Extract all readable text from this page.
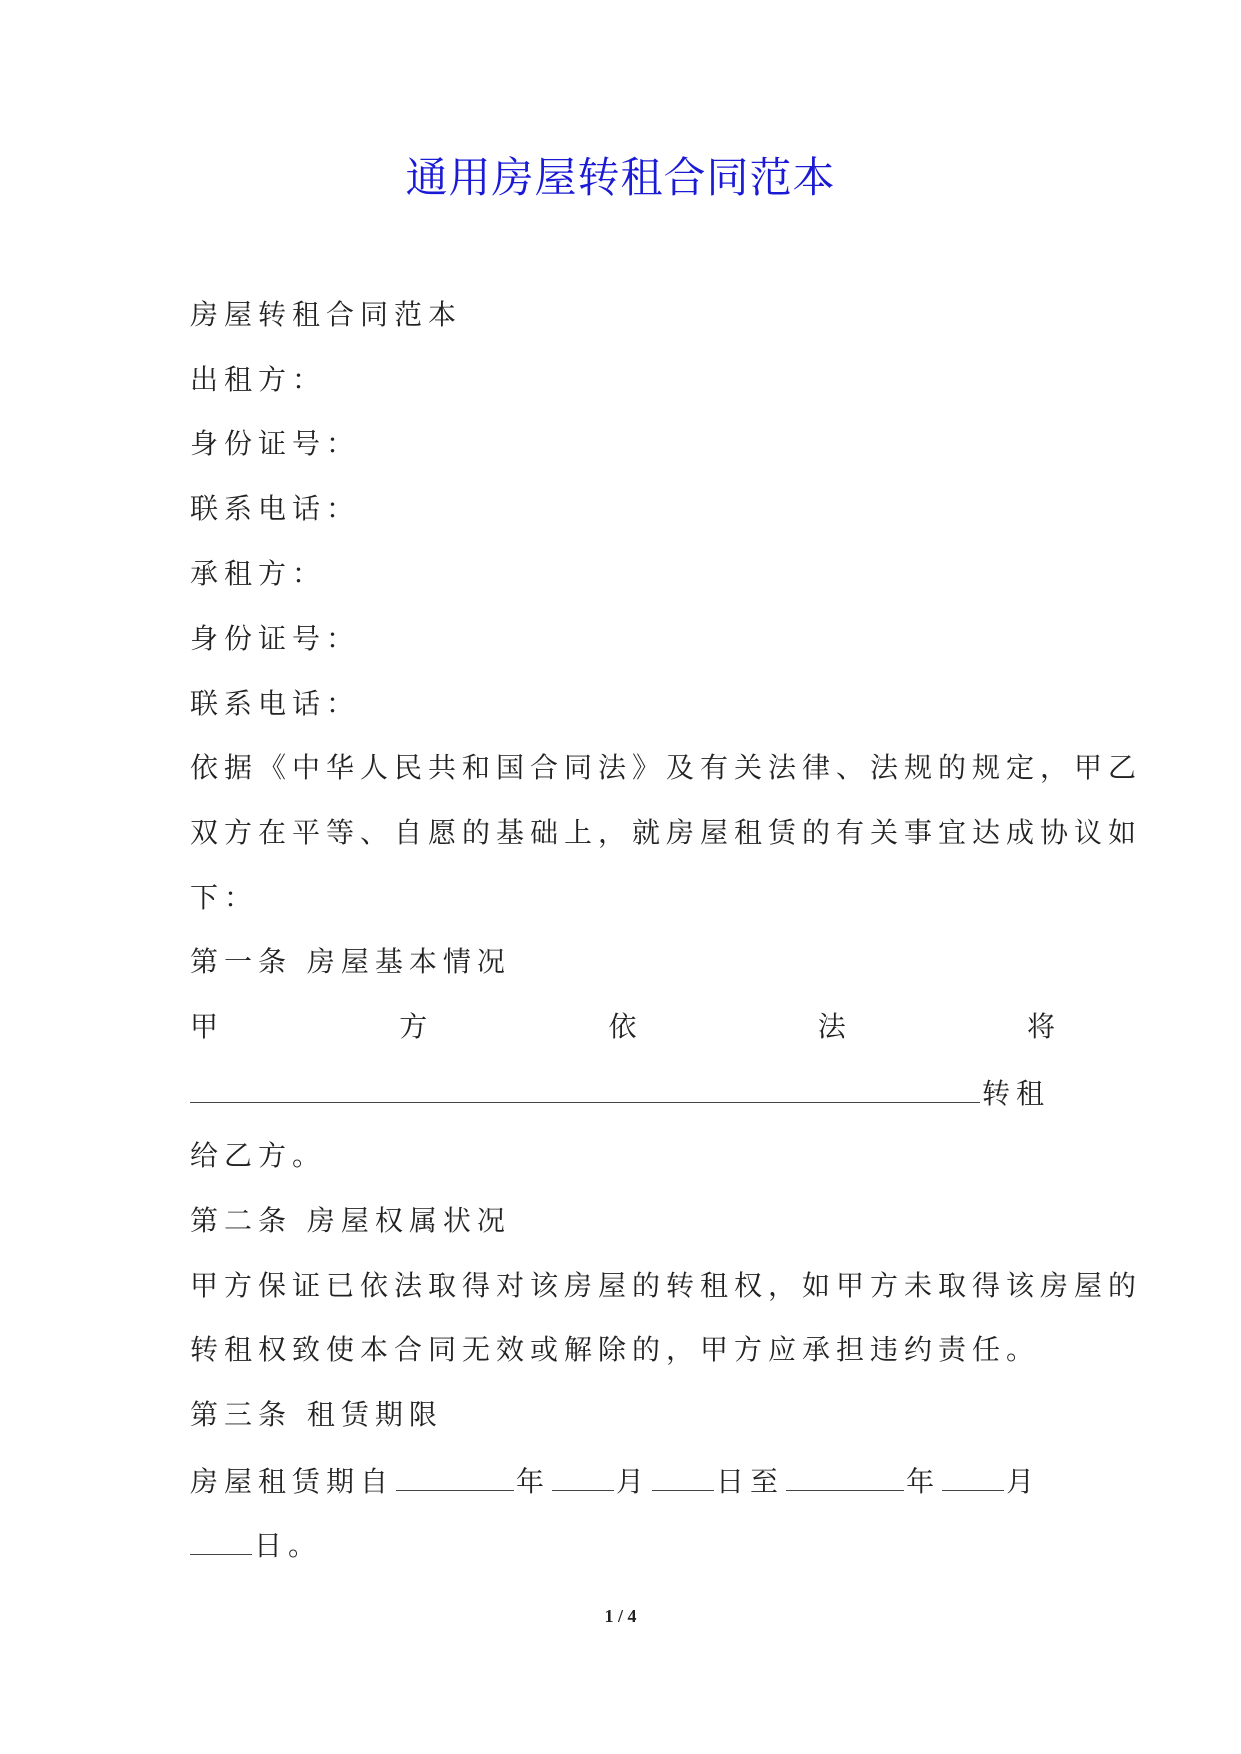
通用房屋转租合同范本
房屋转租合同范本
出租方：
身份证号：
联系电话：
承租方：
身份证号：
联系电话：
依据《中华人民共和国合同法》及有关法律、法规的规定，甲乙
双方在平等、自愿的基础上，就房屋租赁的有关事宜达成协议如
下：
第一条 房屋基本情况
甲	方	依	法	将
转租
给乙方。
第二条 房屋权属状况
甲方保证已依法取得对该房屋的转租权，如甲方未取得该房屋的
转租权致使本合同无效或解除的，甲方应承担违约责任。
第三条 租赁期限
房屋租赁期自	年 月 日至	年 月
日。
1 / 4
